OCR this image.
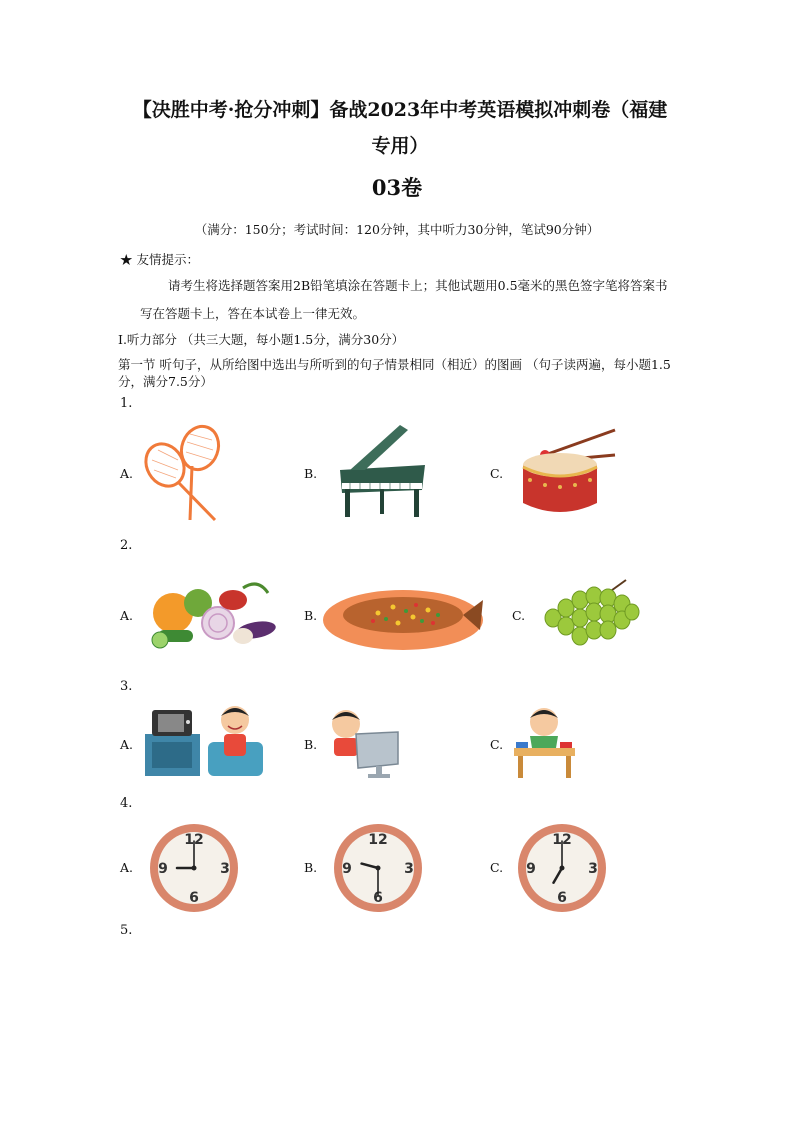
【决胜中考·抢分冲刺】备战2023年中考英语模拟冲刺卷（福建
专用）
03卷
（满分：150分；考试时间：120分钟，其中听力30分钟，笔试90分钟）
★ 友情提示：
请考生将选择题答案用2B铅笔填涂在答题卡上；其他试题用0.5毫米的黑色签字笔将答案书写在答题卡上，答在本试卷上一律无效。
I.听力部分 （共三大题，每小题1.5分，满分30分）
第一节 听句子，从所给图中选出与所听到的句子情景相同（相近）的图画 （句子读两遍，每小题1.5分，满分7.5分）
1.
A.	B.	C.
2.
A.	B.	C.
3.
A.	B.	C.
4.
A.	B.	C.
12
3
6
9
12
3
6
9
12
3
6
9
5.
